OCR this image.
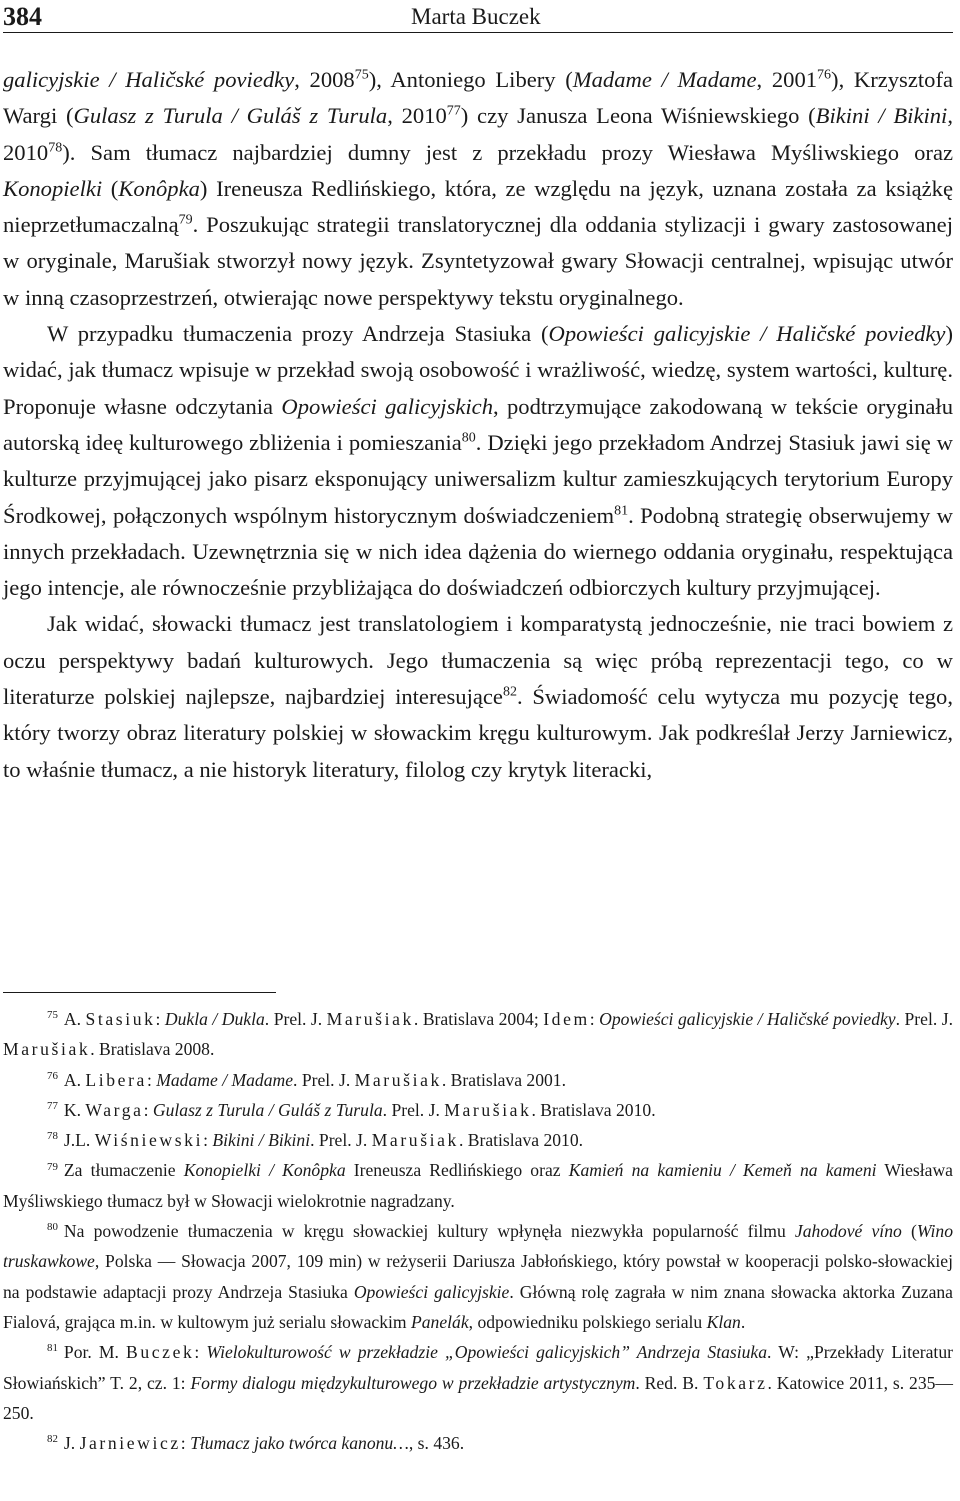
384	Marta Buczek

galicyjskie / Haličské poviedky, 2008$^{75}$), Antoniego Libery (Madame / Madame, 2001$^{76}$), Krzysztofa Wargi (Gulasz z Turula / Guláš z Turula, 2010$^{77}$) czy Janusza Leona Wiśniewskiego (Bikini / Bikini, 2010$^{78}$). Sam tłumacz najbardziej dumny jest z przekładu prozy Wiesława Myśliwskiego oraz Konopielki (Konôpka) Ireneusza Redlińskiego, która, ze względu na język, uznana została za książkę nieprzetłumaczalną$^{79}$. Poszukując strategii translatorycznej dla oddania stylizacji i gwary zastosowanej w oryginale, Marušiak stworzył nowy język. Zsyntetyzował gwary Słowacji centralnej, wpisując utwór w inną czasoprzestrzeń, otwierając nowe perspektywy tekstu oryginalnego.

W przypadku tłumaczenia prozy Andrzeja Stasiuka (Opowieści galicyjskie / Haličské poviedky) widać, jak tłumacz wpisuje w przekład swoją osobowość i wrażliwość, wiedzę, system wartości, kulturę. Proponuje własne odczytania Opowieści galicyjskich, podtrzymujące zakodowaną w tekście oryginału autorską ideę kulturowego zbliżenia i pomieszania$^{80}$. Dzięki jego przekładom Andrzej Stasiuk jawi się w kulturze przyjmującej jako pisarz eksponujący uniwersalizm kultur zamieszkujących terytorium Europy Środkowej, połączonych wspólnym historycznym doświadczeniem$^{81}$. Podobną strategię obserwujemy w innych przekładach. Uzewnętrznia się w nich idea dążenia do wiernego oddania oryginału, respektująca jego intencje, ale równocześnie przybliżająca do doświadczeń odbiorczych kultury przyjmującej.

Jak widać, słowacki tłumacz jest translatologiem i komparatystą jednocześnie, nie traci bowiem z oczu perspektywy badań kulturowych. Jego tłumaczenia są więc próbą reprezentacji tego, co w literaturze polskiej najlepsze, najbardziej interesujące$^{82}$. Świadomość celu wytycza mu pozycję tego, który tworzy obraz literatury polskiej w słowackim kręgu kulturowym. Jak podkreślał Jerzy Jarniewicz, to właśnie tłumacz, a nie historyk literatury, filolog czy krytyk literacki,

$^{75}$ A. Stasiuk: Dukla / Dukla. Prel. J. Marušiak. Bratislava 2004; Idem: Opowieści galicyjskie / Haličské poviedky. Prel. J. Marušiak. Bratislava 2008.

$^{76}$ A. Libera: Madame / Madame. Prel. J. Marušiak. Bratislava 2001.

$^{77}$ K. Warga: Gulasz z Turula / Guláš z Turula. Prel. J. Marušiak. Bratislava 2010.

$^{78}$ J.L. Wiśniewski: Bikini / Bikini. Prel. J. Marušiak. Bratislava 2010.

$^{79}$ Za tłumaczenie Konopielki / Konôpka Ireneusza Redlińskiego oraz Kamień na kamieniu / Kemeň na kameni Wiesława Myśliwskiego tłumacz był w Słowacji wielokrotnie nagradzany.

$^{80}$ Na powodzenie tłumaczenia w kręgu słowackiej kultury wpłynęła niezwykła popularność filmu Jahodové víno (Wino truskawkowe, Polska — Słowacja 2007, 109 min) w reżyserii Dariusza Jabłońskiego, który powstał w kooperacji polsko-słowackiej na podstawie adaptacji prozy Andrzeja Stasiuka Opowieści galicyjskie. Główną rolę zagrała w nim znana słowacka aktorka Zuzana Fialová, grająca m.in. w kultowym już serialu słowackim Panelák, odpowiedniku polskiego serialu Klan.

$^{81}$ Por. M. Buczek: Wielokulturowość w przekładzie „Opowieści galicyjskich” Andrzeja Stasiuka. W: „Przekłady Literatur Słowiańskich” T. 2, cz. 1: Formy dialogu międzykulturowego w przekładzie artystycznym. Red. B. Tokarz. Katowice 2011, s. 235—250.

$^{82}$ J. Jarniewicz: Tłumacz jako twórca kanonu…, s. 436.
